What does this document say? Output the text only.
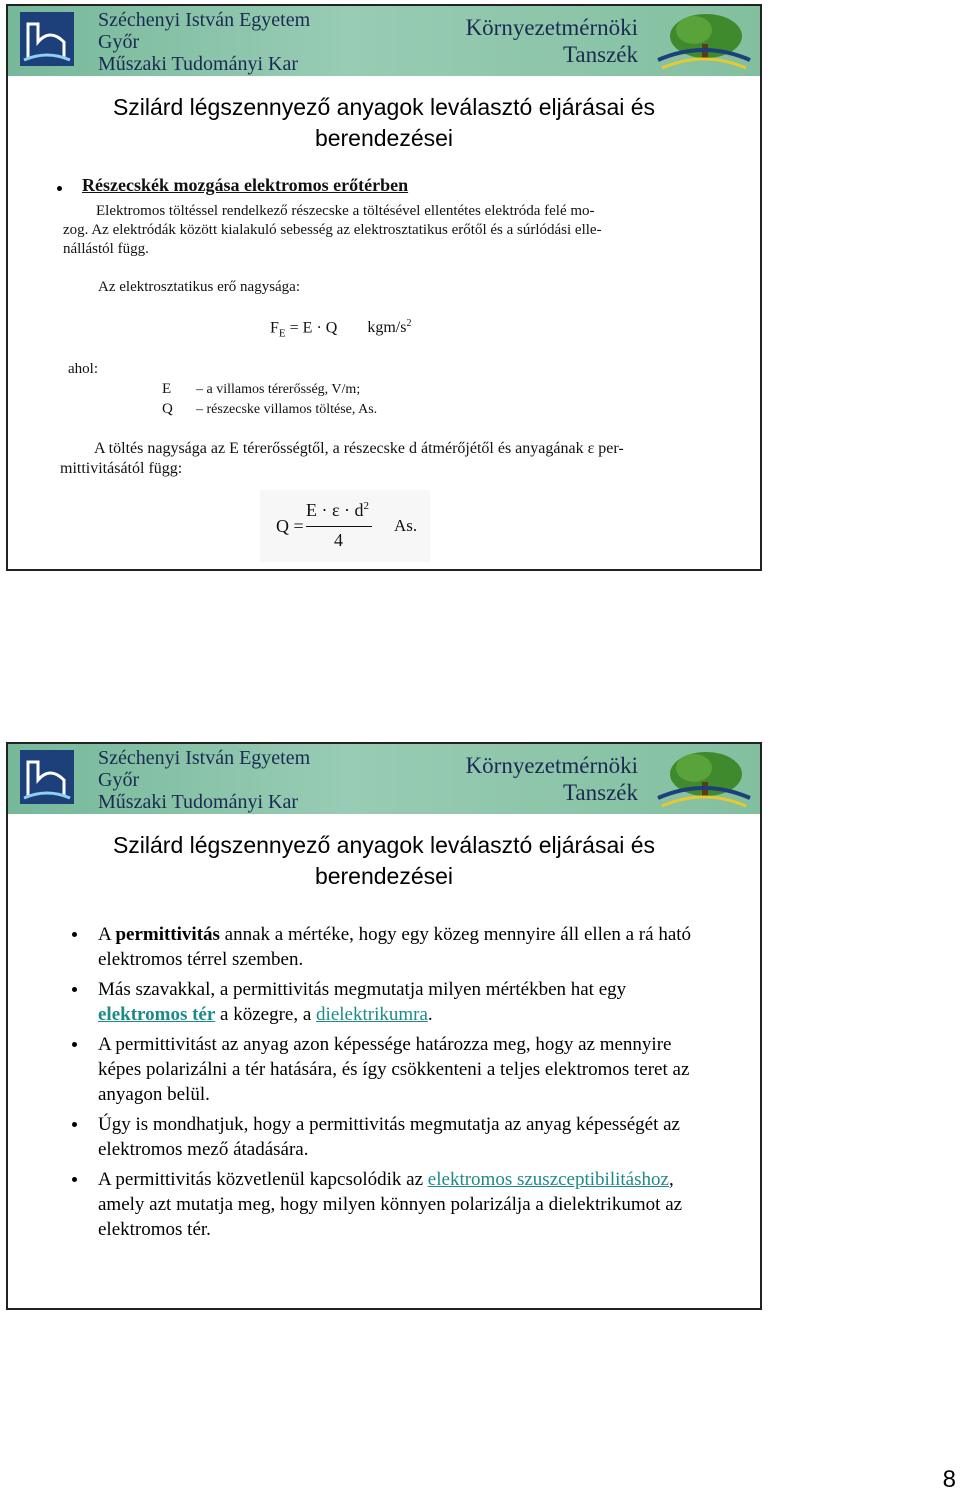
Széchenyi István Egyetem
Győr
Műszaki Tudományi Kar
Környezetmérnöki
Tanszék
Szilárd légszennyező anyagok leválasztó eljárásai és
berendezései
Részecskék mozgása elektromos erőtérben
Elektromos töltéssel rendelkező részecske a töltésével ellentétes elektróda felé mo-
zog. Az elektródák között kialakuló sebesség az elektrosztatikus erőtől és a súrlódási elle-
nállástól függ.
Az elektrosztatikus erő nagysága:
$F_E = E \cdot Q$ kgm/$s^2$
ahol:
E – a villamos térerősség, V/m;
Q – részecske villamos töltése, As.
A töltés nagysága az E térerősségtől, a részecske d átmérőjétől és anyagának ε per-
mittivitásától függ:
Q =
$E \cdot \varepsilon \cdot d^2$
4
As.
Széchenyi István Egyetem
Győr
Műszaki Tudományi Kar
Környezetmérnöki
Tanszék
Szilárd légszennyező anyagok leválasztó eljárásai és
berendezései
A permittivitás annak a mértéke, hogy egy közeg mennyire áll ellen a rá ható elektromos térrel szemben.
Más szavakkal, a permittivitás megmutatja milyen mértékben hat egy elektromos tér a közegre, a dielektrikumra.
A permittivitást az anyag azon képessége határozza meg, hogy az mennyire képes polarizálni a tér hatására, és így csökkenteni a teljes elektromos teret az anyagon belül.
Úgy is mondhatjuk, hogy a permittivitás megmutatja az anyag képességét az elektromos mező átadására.
A permittivitás közvetlenül kapcsolódik az elektromos szuszceptibilitáshoz, amely azt mutatja meg, hogy milyen könnyen polarizálja a dielektrikumot az elektromos tér.
8
